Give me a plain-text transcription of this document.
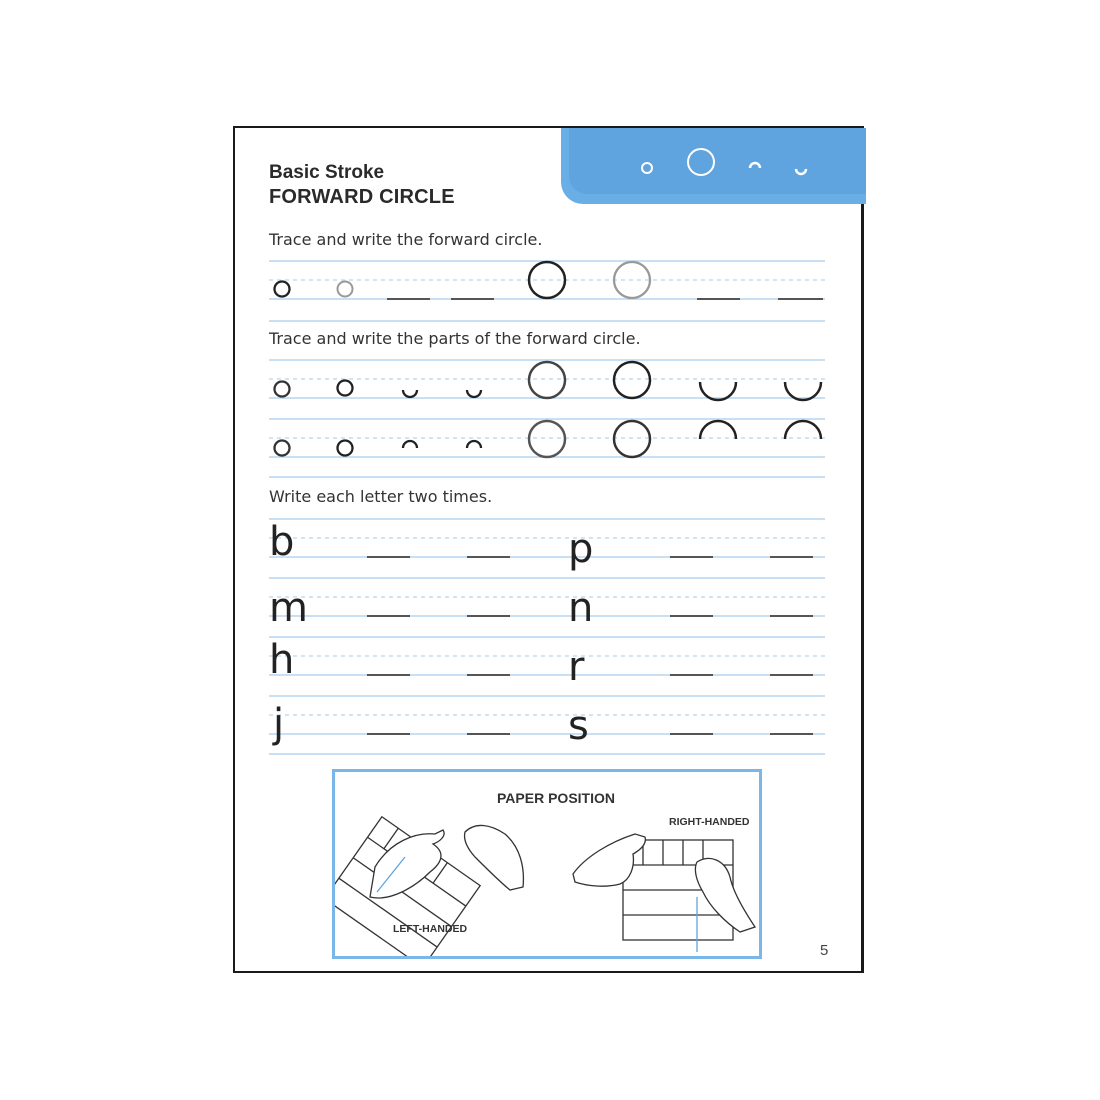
Basic Stroke
FORWARD CIRCLE
Trace and write the forward circle.
Trace and write the parts of the forward circle.
Write each letter two times.
b
m
h
j
p
n
r
s
PAPER POSITION
RIGHT-HANDED
LEFT-HANDED
5
